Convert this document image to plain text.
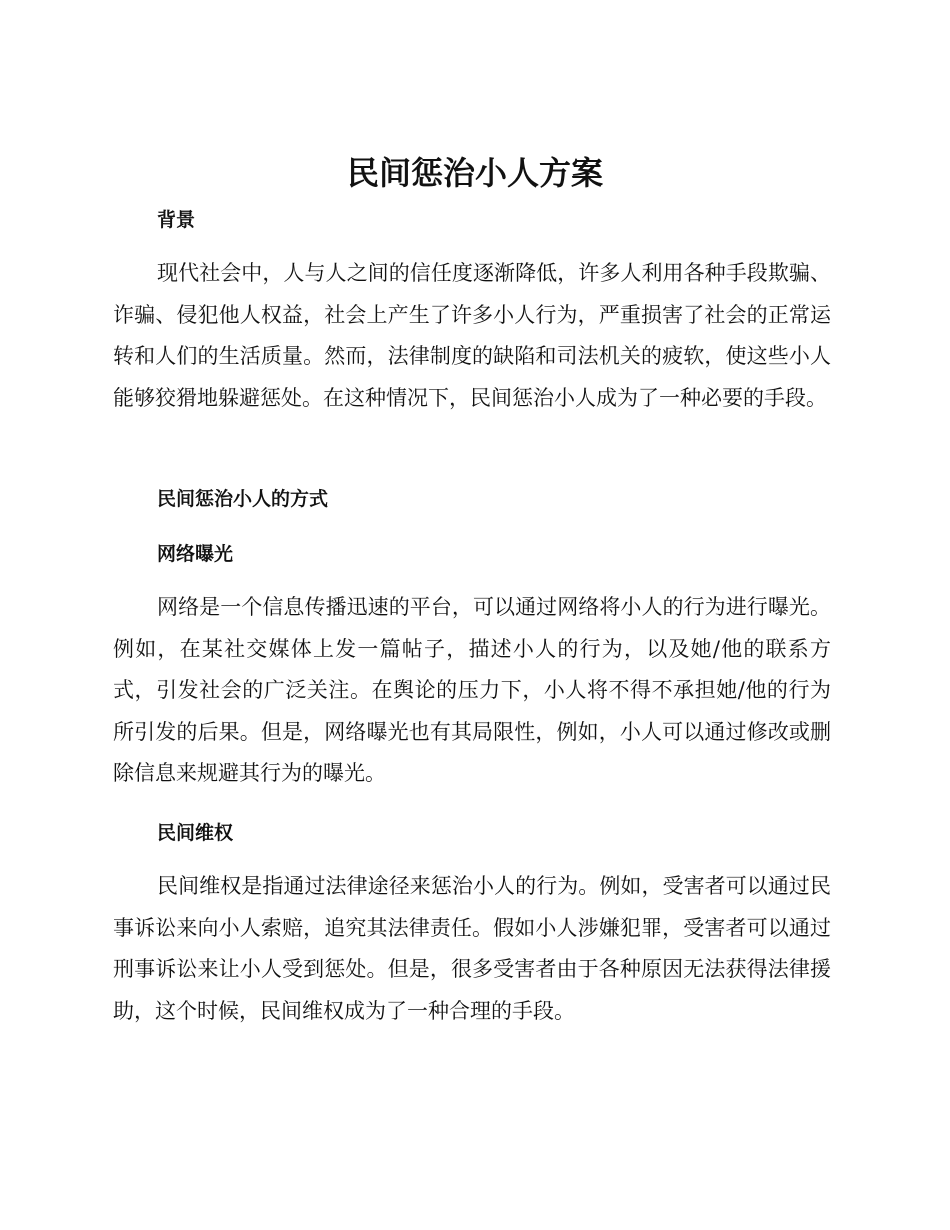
民间惩治小人方案
背景

现代社会中，人与人之间的信任度逐渐降低，许多人利用各种手段欺骗、诈骗、侵犯他人权益，社会上产生了许多小人行为，严重损害了社会的正常运转和人们的生活质量。然而，法律制度的缺陷和司法机关的疲软，使这些小人能够狡猾地躲避惩处。在这种情况下，民间惩治小人成为了一种必要的手段。

民间惩治小人的方式
网络曝光

网络是一个信息传播迅速的平台，可以通过网络将小人的行为进行曝光。例如，在某社交媒体上发一篇帖子，描述小人的行为，以及她/他的联系方式，引发社会的广泛关注。在舆论的压力下，小人将不得不承担她/他的行为所引发的后果。但是，网络曝光也有其局限性，例如，小人可以通过修改或删除信息来规避其行为的曝光。

民间维权

民间维权是指通过法律途径来惩治小人的行为。例如，受害者可以通过民事诉讼来向小人索赔，追究其法律责任。假如小人涉嫌犯罪，受害者可以通过刑事诉讼来让小人受到惩处。但是，很多受害者由于各种原因无法获得法律援助，这个时候，民间维权成为了一种合理的手段。
